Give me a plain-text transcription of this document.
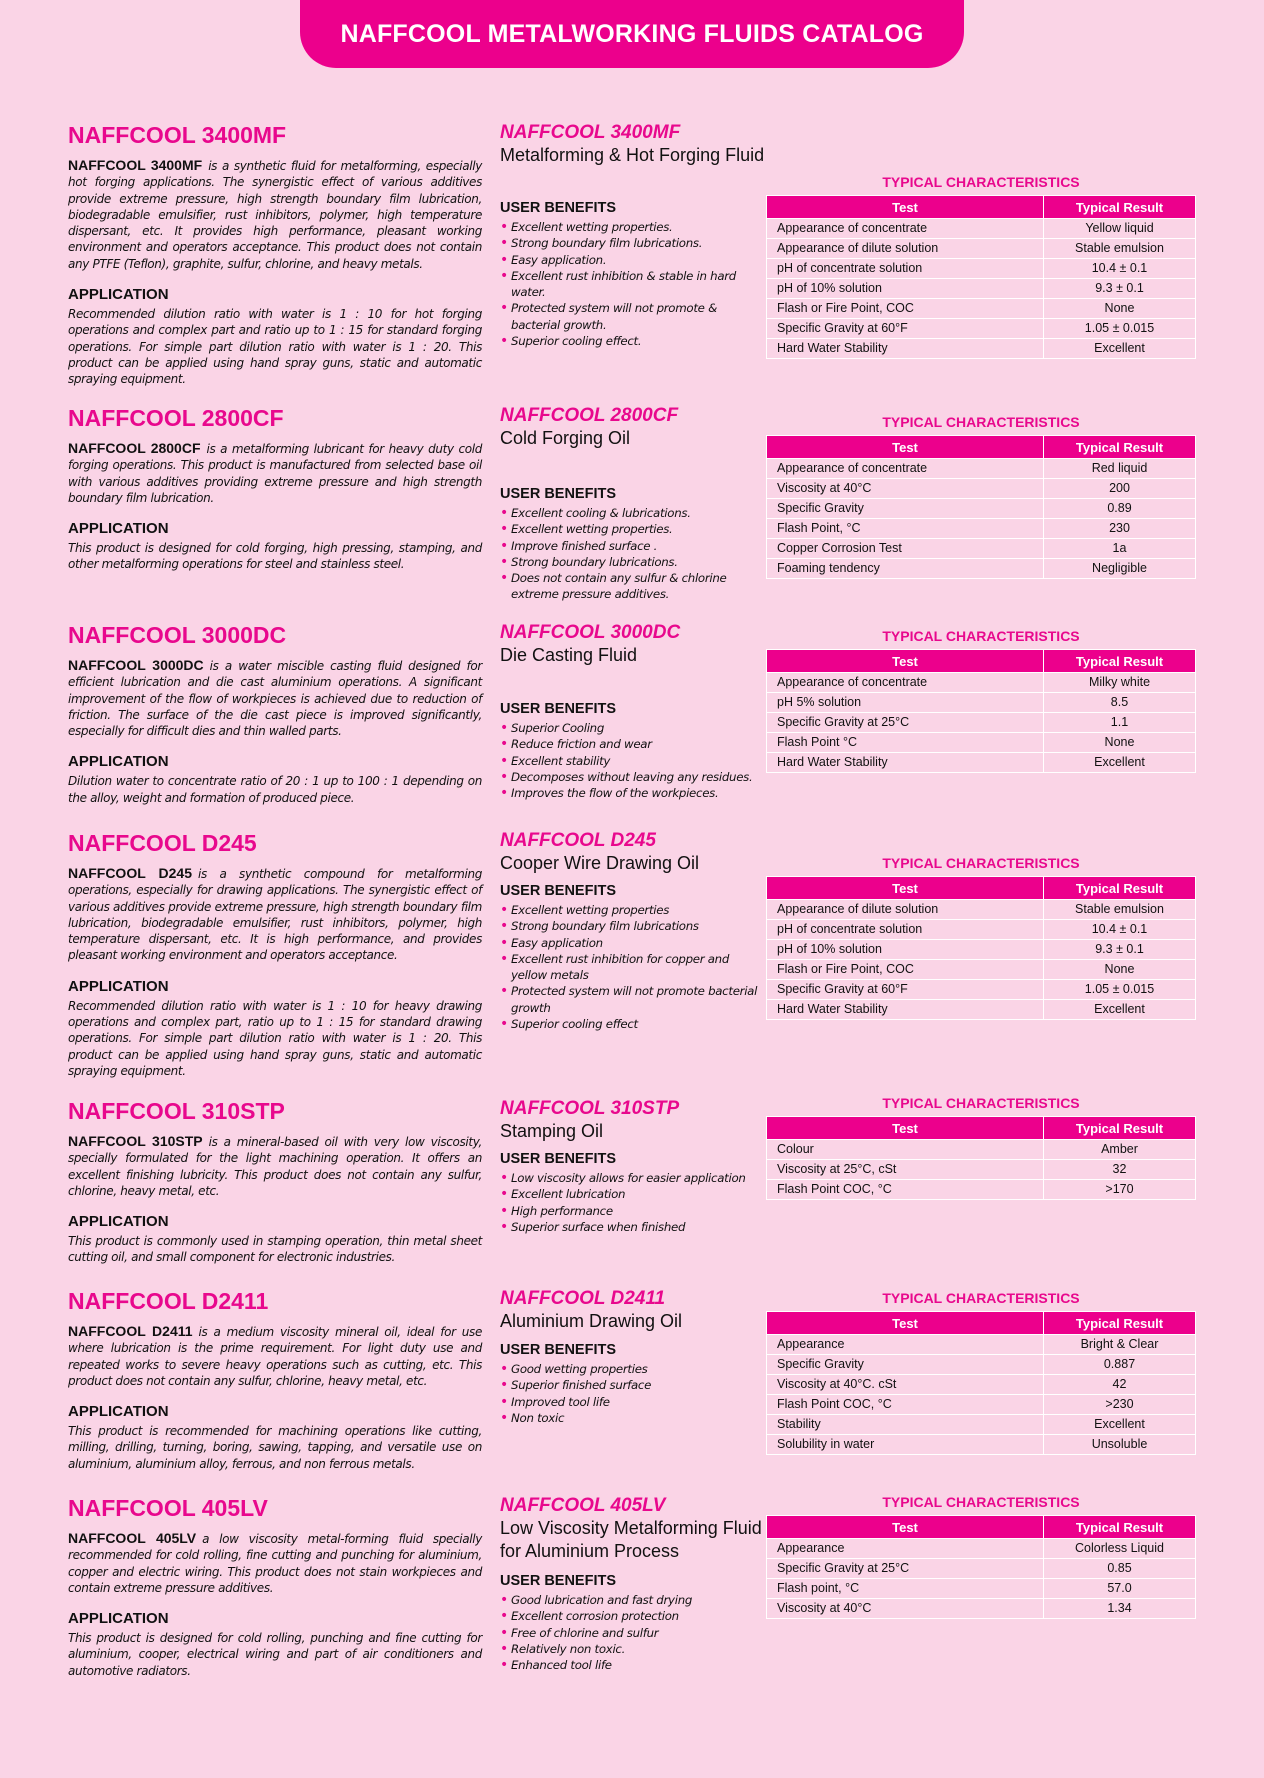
NAFFCOOL METALWORKING FLUIDS CATALOG
NAFFCOOL 3400MF

NAFFCOOL 3400MF is a synthetic fluid for metalforming, especially hot forging applications. The synergistic effect of various additives provide extreme pressure, high strength boundary film lubrication, biodegradable emulsifier, rust inhibitors, polymer, high temperature dispersant, etc. It provides high performance, pleasant working environment and operators acceptance. This product does not contain any PTFE (Teflon), graphite, sulfur, chlorine, and heavy metals.

APPLICATION

Recommended dilution ratio with water is 1 : 10 for hot forging operations and complex part and ratio up to 1 : 15 for standard forging operations. For simple part dilution ratio with water is 1 : 20. This product can be applied using hand spray guns, static and automatic spraying equipment.

NAFFCOOL 3400MF

Metalforming & Hot Forging Fluid

USER BENEFITS
• Excellent wetting properties.
• Strong boundary film lubrications.
• Easy application.
• Excellent rust inhibition & stable in hard water.
• Protected system will not promote & bacterial growth.
• Superior cooling effect.

TYPICAL CHARACTERISTICS

Test	Typical Result
Appearance of concentrate	Yellow liquid
Appearance of dilute solution	Stable emulsion
pH of concentrate solution	10.4 ± 0.1
pH of 10% solution	9.3 ± 0.1
Flash or Fire Point, COC	None
Specific Gravity at 60°F	1.05 ± 0.015
Hard Water Stability	Excellent
NAFFCOOL 2800CF

NAFFCOOL 2800CF is a metalforming lubricant for heavy duty cold forging operations. This product is manufactured from selected base oil with various additives providing extreme pressure and high strength boundary film lubrication.

APPLICATION

This product is designed for cold forging, high pressing, stamping, and other metalforming operations for steel and stainless steel.

NAFFCOOL 2800CF

Cold Forging Oil

USER BENEFITS
• Excellent cooling & lubrications.
• Excellent wetting properties.
• Improve finished surface .
• Strong boundary lubrications.
• Does not contain any sulfur & chlorine extreme pressure additives.

TYPICAL CHARACTERISTICS

Test	Typical Result
Appearance of concentrate	Red liquid
Viscosity at 40°C	200
Specific Gravity	0.89
Flash Point, °C	230
Copper Corrosion Test	1a
Foaming tendency	Negligible
NAFFCOOL 3000DC

NAFFCOOL 3000DC is a water miscible casting fluid designed for efficient lubrication and die cast aluminium operations. A significant improvement of the flow of workpieces is achieved due to reduction of friction. The surface of the die cast piece is improved significantly, especially for difficult dies and thin walled parts.

APPLICATION

Dilution water to concentrate ratio of 20 : 1 up to 100 : 1 depending on the alloy, weight and formation of produced piece.

NAFFCOOL 3000DC

Die Casting Fluid

USER BENEFITS
• Superior Cooling
• Reduce friction and wear
• Excellent stability
• Decomposes without leaving any residues.
• Improves the flow of the workpieces.

TYPICAL CHARACTERISTICS

Test	Typical Result
Appearance of concentrate	Milky white
pH 5% solution	8.5
Specific Gravity at 25°C	1.1
Flash Point °C	None
Hard Water Stability	Excellent
NAFFCOOL D245

NAFFCOOL D245 is a synthetic compound for metalforming operations, especially for drawing applications. The synergistic effect of various additives provide extreme pressure, high strength boundary film lubrication, biodegradable emulsifier, rust inhibitors, polymer, high temperature dispersant, etc. It is high performance, and provides pleasant working environment and operators acceptance.

APPLICATION

Recommended dilution ratio with water is 1 : 10 for heavy drawing operations and complex part, ratio up to 1 : 15 for standard drawing operations. For simple part dilution ratio with water is 1 : 20. This product can be applied using hand spray guns, static and automatic spraying equipment.

NAFFCOOL D245

Cooper Wire Drawing Oil

USER BENEFITS
• Excellent wetting properties
• Strong boundary film lubrications
• Easy application
• Excellent rust inhibition for copper and yellow metals
• Protected system will not promote bacterial growth
• Superior cooling effect

TYPICAL CHARACTERISTICS

Test	Typical Result
Appearance of dilute solution	Stable emulsion
pH of concentrate solution	10.4 ± 0.1
pH of 10% solution	9.3 ± 0.1
Flash or Fire Point, COC	None
Specific Gravity at 60°F	1.05 ± 0.015
Hard Water Stability	Excellent
NAFFCOOL 310STP

NAFFCOOL 310STP is a mineral-based oil with very low viscosity, specially formulated for the light machining operation. It offers an excellent finishing lubricity. This product does not contain any sulfur, chlorine, heavy metal, etc.

APPLICATION

This product is commonly used in stamping operation, thin metal sheet cutting oil, and small component for electronic industries.

NAFFCOOL 310STP

Stamping Oil

USER BENEFITS
• Low viscosity allows for easier application
• Excellent lubrication
• High performance
• Superior surface when finished

TYPICAL CHARACTERISTICS

Test	Typical Result
Colour	Amber
Viscosity at 25°C, cSt	32
Flash Point COC, °C	>170
NAFFCOOL D2411

NAFFCOOL D2411 is a medium viscosity mineral oil, ideal for use where lubrication is the prime requirement. For light duty use and repeated works to severe heavy operations such as cutting, etc. This product does not contain any sulfur, chlorine, heavy metal, etc.

APPLICATION

This product is recommended for machining operations like cutting, milling, drilling, turning, boring, sawing, tapping, and versatile use on aluminium, aluminium alloy, ferrous, and non ferrous metals.

NAFFCOOL D2411

Aluminium Drawing Oil

USER BENEFITS
• Good wetting properties
• Superior finished surface
• Improved tool life
• Non toxic

TYPICAL CHARACTERISTICS

Test	Typical Result
Appearance	Bright & Clear
Specific Gravity	0.887
Viscosity at 40°C. cSt	42
Flash Point COC, °C	>230
Stability	Excellent
Solubility in water	Unsoluble
NAFFCOOL 405LV

NAFFCOOL 405LV a low viscosity metal-forming fluid specially recommended for cold rolling, fine cutting and punching for aluminium, copper and electric wiring. This product does not stain workpieces and contain extreme pressure additives.

APPLICATION

This product is designed for cold rolling, punching and fine cutting for aluminium, cooper, electrical wiring and part of air conditioners and automotive radiators.

NAFFCOOL 405LV

Low Viscosity Metalforming Fluid for Aluminium Process

USER BENEFITS
• Good lubrication and fast drying
• Excellent corrosion protection
• Free of chlorine and sulfur
• Relatively non toxic.
• Enhanced tool life

TYPICAL CHARACTERISTICS

Test	Typical Result
Appearance	Colorless Liquid
Specific Gravity at 25°C	0.85
Flash point, °C	57.0
Viscosity at 40°C	1.34
